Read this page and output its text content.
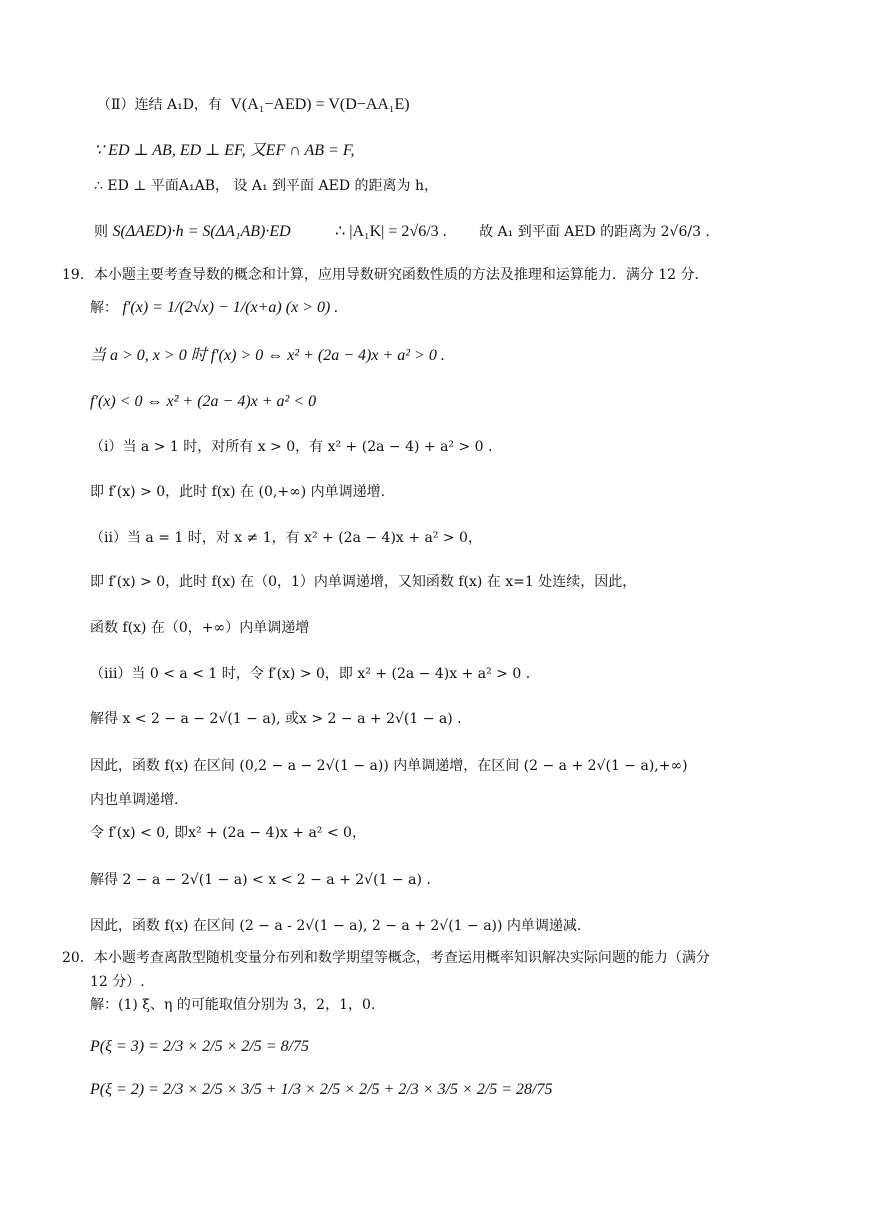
（Ⅱ）连结 A₁D，有 V(A₁−AED) = V(D−AA₁E)
∵ ED ⊥ AB, ED ⊥ EF, 又EF ∩ AB = F,
∴ ED ⊥ 平面A₁AB， 设 A₁ 到平面 AED 的距离为 h，
则 S(ΔAED)·h = S(ΔA₁AB)·ED	∴ |A₁K| = 2√6/3 . 故 A₁ 到平面 AED 的距离为 2√6/3 .
19．本小题主要考查导数的概念和计算，应用导数研究函数性质的方法及推理和运算能力．满分 12 分．
解： f′(x) = 1/(2√x) − 1/(x+a) (x > 0) .
当 a > 0, x > 0 时 f′(x) > 0 ⇔ x² + (2a − 4)x + a² > 0 .
f′(x) < 0 ⇔ x² + (2a − 4)x + a² < 0
（i）当 a > 1 时，对所有 x > 0，有 x² + (2a − 4) + a² > 0 .
即 f′(x) > 0，此时 f(x) 在 (0,+∞) 内单调递增.
（ii）当 a = 1 时，对 x ≠ 1，有 x² + (2a − 4)x + a² > 0，
即 f′(x) > 0，此时 f(x) 在（0，1）内单调递增，又知函数 f(x) 在 x=1 处连续，因此，
函数 f(x) 在（0，+∞）内单调递增
（iii）当 0 < a < 1 时，令 f′(x) > 0，即 x² + (2a − 4)x + a² > 0 .
解得 x < 2 − a − 2√(1 − a), 或x > 2 − a + 2√(1 − a) .
因此，函数 f(x) 在区间 (0,2 − a − 2√(1 − a)) 内单调递增，在区间 (2 − a + 2√(1 − a),+∞)
内也单调递增.
令 f′(x) < 0, 即x² + (2a − 4)x + a² < 0，
解得 2 − a − 2√(1 − a) < x < 2 − a + 2√(1 − a) .
因此，函数 f(x) 在区间 (2 − a - 2√(1 − a), 2 − a + 2√(1 − a)) 内单调递减.
20．本小题考查离散型随机变量分布列和数学期望等概念，考查运用概率知识解决实际问题的能力（满分
12 分）.
解：(1) ξ、η 的可能取值分别为 3，2，1，0.
P(ξ = 3) = 2/3 × 2/5 × 2/5 = 8/75
P(ξ = 2) = 2/3 × 2/5 × 3/5 + 1/3 × 2/5 × 2/5 + 2/3 × 3/5 × 2/5 = 28/75
